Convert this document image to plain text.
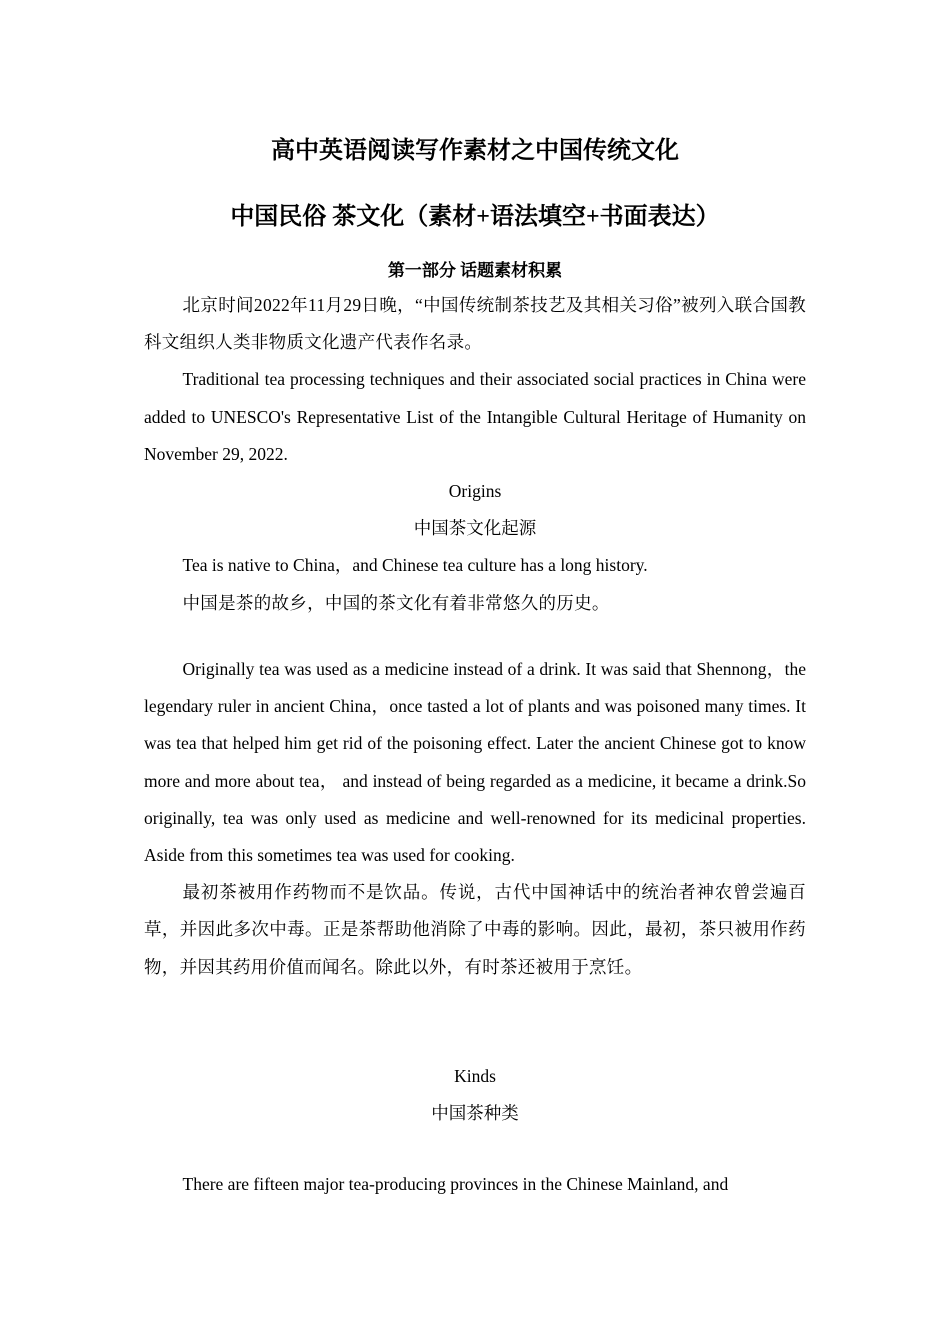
高中英语阅读写作素材之中国传统文化
中国民俗 茶文化（素材+语法填空+书面表达）
第一部分 话题素材积累

北京时间2022年11月29日晚，“中国传统制茶技艺及其相关习俗”被列入联合国教科文组织人类非物质文化遗产代表作名录。

Traditional tea processing techniques and their associated social practices in China were added to UNESCO's Representative List of the Intangible Cultural Heritage of Humanity on November 29, 2022.

Origins

中国茶文化起源

Tea is native to China，and Chinese tea culture has a long history.

中国是茶的故乡，中国的茶文化有着非常悠久的历史。

Originally tea was used as a medicine instead of a drink. It was said that Shennong，the legendary ruler in ancient China，once tasted a lot of plants and was poisoned many times. It was tea that helped him get rid of the poisoning effect. Later the ancient Chinese got to know more and more about tea， and instead of being regarded as a medicine, it became a drink.So originally, tea was only used as medicine and well-renowned for its medicinal properties. Aside from this sometimes tea was used for cooking.

最初茶被用作药物而不是饮品。传说，古代中国神话中的统治者神农曾尝遍百草，并因此多次中毒。正是茶帮助他消除了中毒的影响。因此，最初，茶只被用作药物，并因其药用价值而闻名。除此以外，有时茶还被用于烹饪。

Kinds

中国茶种类

There are fifteen major tea-producing provinces in the Chinese Mainland, and
